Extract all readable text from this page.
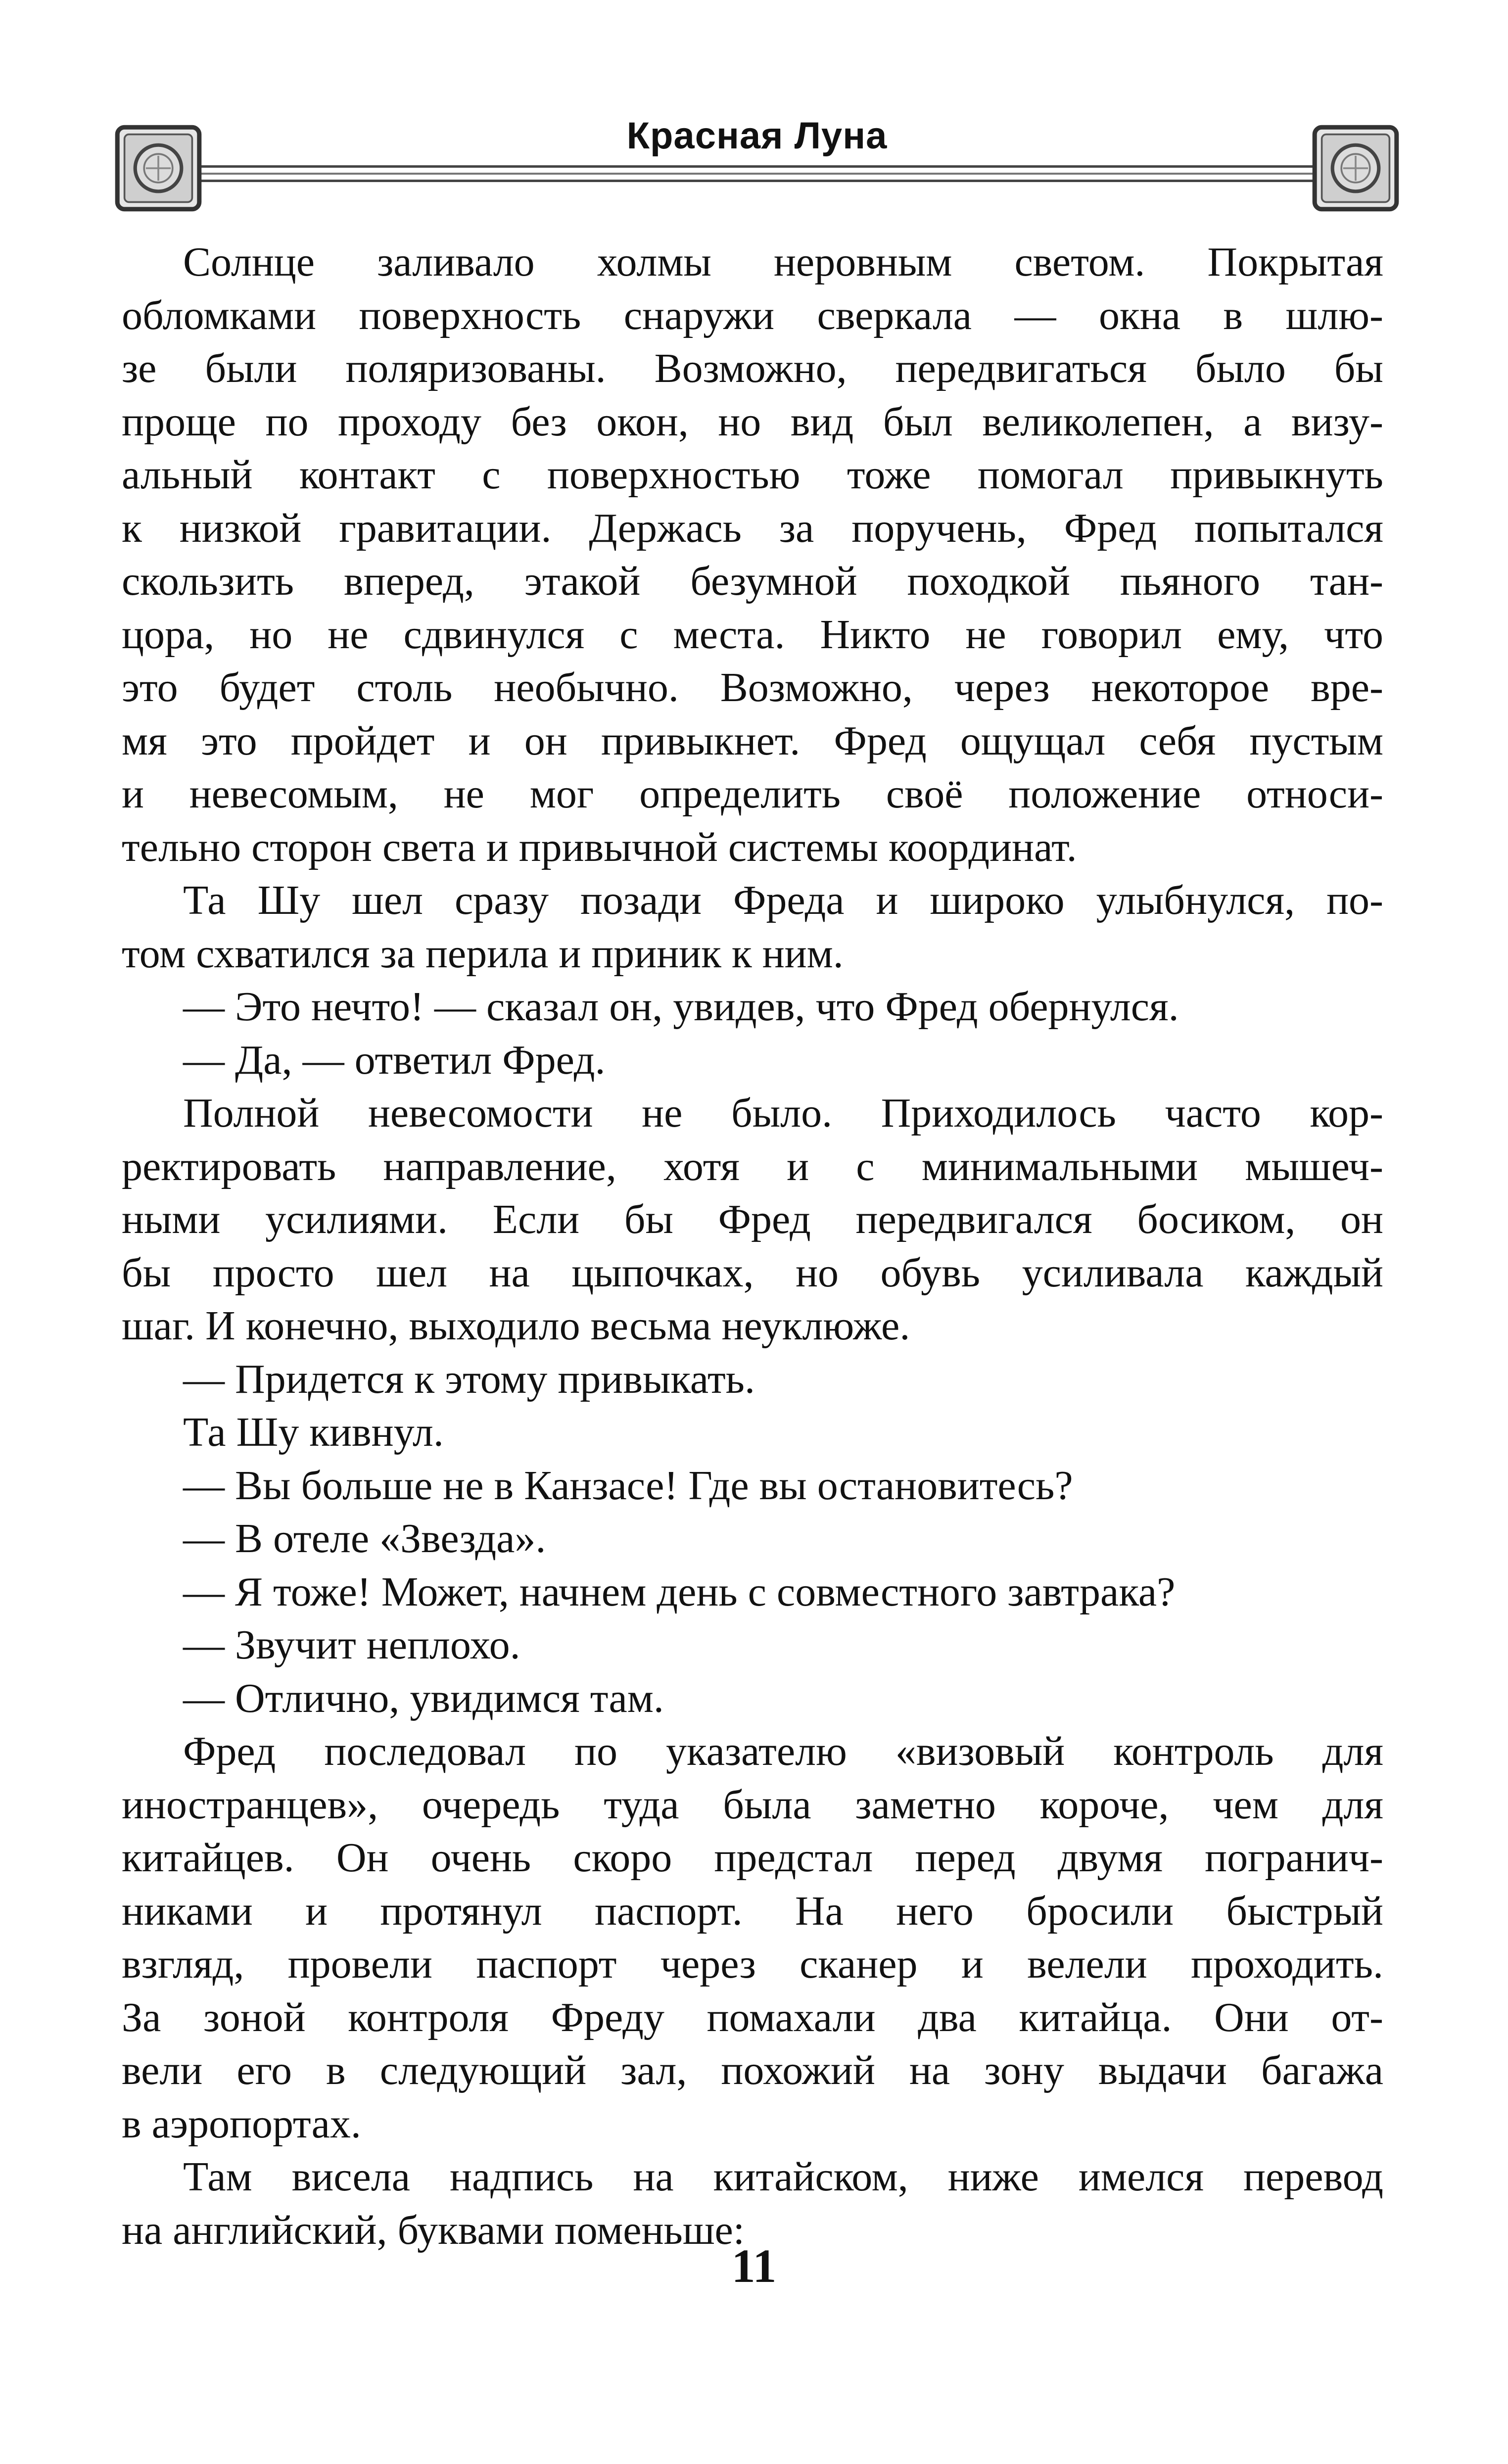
Красная Луна
Солнце заливало холмы неровным светом. Покрытая
обломками поверхность снаружи сверкала — окна в шлю-
зе были поляризованы. Возможно, передвигаться было бы
проще по проходу без окон, но вид был великолепен, а визу-
альный контакт с поверхностью тоже помогал привыкнуть
к низкой гравитации. Держась за поручень, Фред попытался
скользить вперед, этакой безумной походкой пьяного тан-
цора, но не сдвинулся с места. Никто не говорил ему, что
это будет столь необычно. Возможно, через некоторое вре-
мя это пройдет и он привыкнет. Фред ощущал себя пустым
и невесомым, не мог определить своё положение относи-
тельно сторон света и привычной системы координат.
Та Шу шел сразу позади Фреда и широко улыбнулся, по-
том схватился за перила и приник к ним.
— Это нечто! — сказал он, увидев, что Фред обернулся.
— Да, — ответил Фред.
Полной невесомости не было. Приходилось часто кор-
ректировать направление, хотя и с минимальными мышеч-
ными усилиями. Если бы Фред передвигался босиком, он
бы просто шел на цыпочках, но обувь усиливала каждый
шаг. И конечно, выходило весьма неуклюже.
— Придется к этому привыкать.
Та Шу кивнул.
— Вы больше не в Канзасе! Где вы остановитесь?
— В отеле «Звезда».
— Я тоже! Может, начнем день с совместного завтрака?
— Звучит неплохо.
— Отлично, увидимся там.
Фред последовал по указателю «визовый контроль для
иностранцев», очередь туда была заметно короче, чем для
китайцев. Он очень скоро предстал перед двумя погранич-
никами и протянул паспорт. На него бросили быстрый
взгляд, провели паспорт через сканер и велели проходить.
За зоной контроля Фреду помахали два китайца. Они от-
вели его в следующий зал, похожий на зону выдачи багажа
в аэропортах.
Там висела надпись на китайском, ниже имелся перевод
на английский, буквами поменьше:
11
